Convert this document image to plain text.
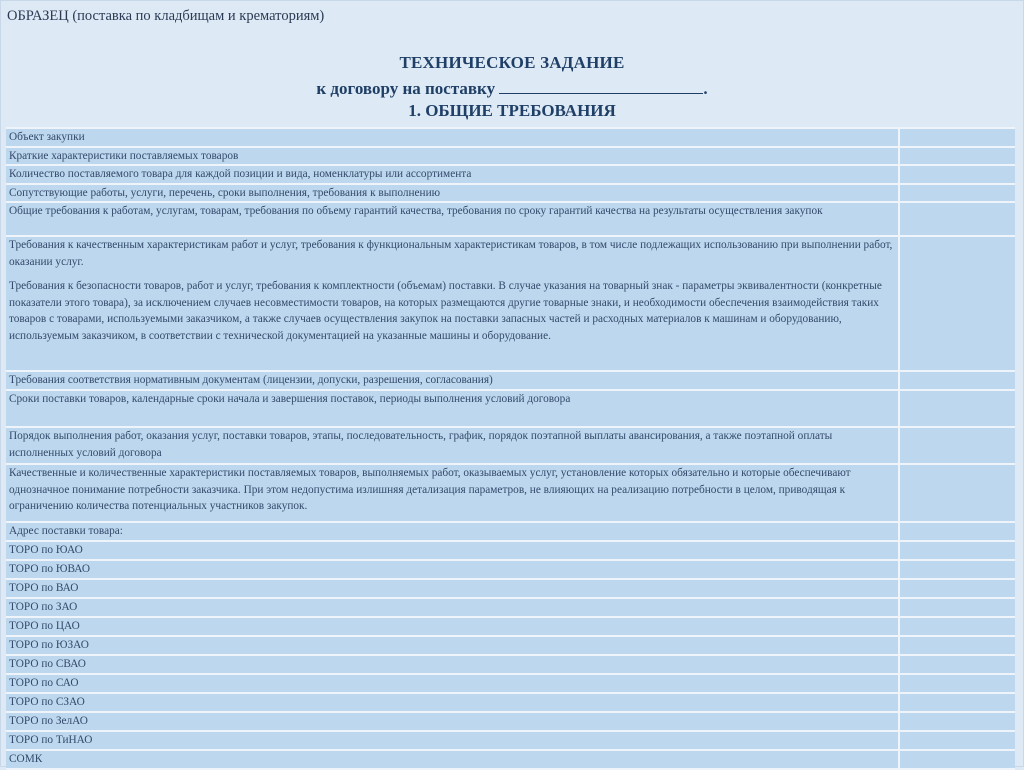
ОБРАЗЕЦ (поставка по кладбищам и крематориям)
ТЕХНИЧЕСКОЕ ЗАДАНИЕ
к договору на поставку	.
1. ОБЩИЕ ТРЕБОВАНИЯ
Объект закупки	
Краткие характеристики поставляемых товаров	
Количество поставляемого товара для каждой позиции и вида, номенклатуры или ассортимента	
Сопутствующие работы, услуги, перечень, сроки выполнения, требования к выполнению	
Общие требования к работам, услугам, товарам, требования по объему гарантий качества, требования по сроку гарантий качества на результаты осуществления закупок	
Требования к качественным характеристикам работ и услуг, требования к функциональным характеристикам товаров, в том числе подлежащих использованию при выполнении работ, оказании услуг.
Требования к безопасности товаров, работ и услуг, требования к комплектности (объемам) поставки. В случае указания на товарный знак - параметры эквивалентности (конкретные показатели этого товара), за исключением случаев несовместимости товаров, на которых размещаются другие товарные знаки, и необходимости обеспечения взаимодействия таких товаров с товарами, используемыми заказчиком, а также случаев осуществления закупок на поставки запасных частей и расходных материалов к машинам и оборудованию, используемым заказчиком, в соответствии с технической документацией на указанные машины и оборудование.	
Требования соответствия нормативным документам (лицензии, допуски, разрешения, согласования)	
Сроки поставки товаров, календарные сроки начала и завершения поставок, периоды выполнения условий договора	
Порядок выполнения работ, оказания услуг, поставки товаров, этапы, последовательность, график, порядок поэтапной выплаты авансирования, а также поэтапной оплаты исполненных условий договора	
Качественные и количественные характеристики поставляемых товаров, выполняемых работ, оказываемых услуг, установление которых обязательно и которые обеспечивают однозначное понимание потребности заказчика. При этом недопустима излишняя детализация параметров, не влияющих на реализацию потребности в целом, приводящая к ограничению количества потенциальных участников закупок.	
Адрес поставки товара:	
ТОРО по ЮАО	
ТОРО по ЮВАО	
ТОРО по ВАО	
ТОРО по ЗАО	
ТОРО по ЦАО	
ТОРО по ЮЗАО	
ТОРО по СВАО	
ТОРО по САО	
ТОРО по СЗАО	
ТОРО по ЗелАО	
ТОРО по ТиНАО	
СОМК	
